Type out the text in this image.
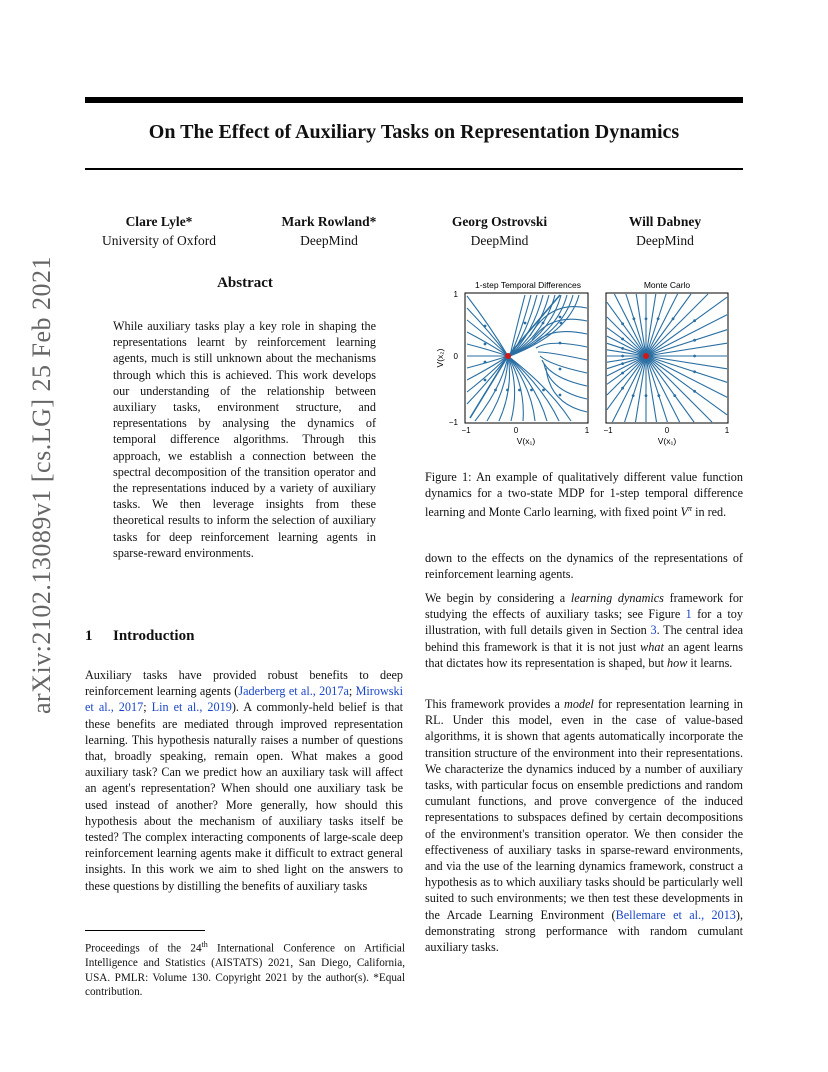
arXiv:2102.13089v1 [cs.LG] 25 Feb 2021
On The Effect of Auxiliary Tasks on Representation Dynamics
Clare Lyle*
University of Oxford
Mark Rowland*
DeepMind
Georg Ostrovski
DeepMind
Will Dabney
DeepMind
Abstract
While auxiliary tasks play a key role in shaping the representations learnt by reinforcement learning agents, much is still unknown about the mechanisms through which this is achieved. This work develops our understanding of the relationship between auxiliary tasks, environment structure, and representations by analysing the dynamics of temporal difference algorithms. Through this approach, we establish a connection between the spectral decomposition of the transition operator and the representations induced by a variety of auxiliary tasks. We then leverage insights from these theoretical results to inform the selection of auxiliary tasks for deep reinforcement learning agents in sparse-reward environments.
1 Introduction
Auxiliary tasks have provided robust benefits to deep reinforcement learning agents (Jaderberg et al., 2017a; Mirowski et al., 2017; Lin et al., 2019). A commonly-held belief is that these benefits are mediated through improved representation learning. This hypothesis naturally raises a number of questions that, broadly speaking, remain open. What makes a good auxiliary task? Can we predict how an auxiliary task will affect an agent's representation? When should one auxiliary task be used instead of another? More generally, how should this hypothesis about the mechanism of auxiliary tasks itself be tested? The complex interacting components of large-scale deep reinforcement learning agents make it difficult to extract general insights. In this work we aim to shed light on the answers to these questions by distilling the benefits of auxiliary tasks
Proceedings of the 24th International Conference on Artificial Intelligence and Statistics (AISTATS) 2021, San Diego, California, USA. PMLR: Volume 130. Copyright 2021 by the author(s). *Equal contribution.
1-step Temporal Differences	Monte Carlo
1
0
−1
−1	0	1 −1	0	1
V(x₁)	V(x₁)
V(x₂)
Figure 1: An example of qualitatively different value function dynamics for a two-state MDP for 1-step temporal difference learning and Monte Carlo learning, with fixed point $V^\pi$ in red.
down to the effects on the dynamics of the representations of reinforcement learning agents.
We begin by considering a learning dynamics framework for studying the effects of auxiliary tasks; see Figure 1 for a toy illustration, with full details given in Section 3. The central idea behind this framework is that it is not just what an agent learns that dictates how its representation is shaped, but how it learns.
This framework provides a model for representation learning in RL. Under this model, even in the case of value-based algorithms, it is shown that agents automatically incorporate the transition structure of the environment into their representations. We characterize the dynamics induced by a number of auxiliary tasks, with particular focus on ensemble predictions and random cumulant functions, and prove convergence of the induced representations to subspaces defined by certain decompositions of the environment's transition operator. We then consider the effectiveness of auxiliary tasks in sparse-reward environments, and via the use of the learning dynamics framework, construct a hypothesis as to which auxiliary tasks should be particularly well suited to such environments; we then test these developments in the Arcade Learning Environment (Bellemare et al., 2013), demonstrating strong performance with random cumulant auxiliary tasks.
